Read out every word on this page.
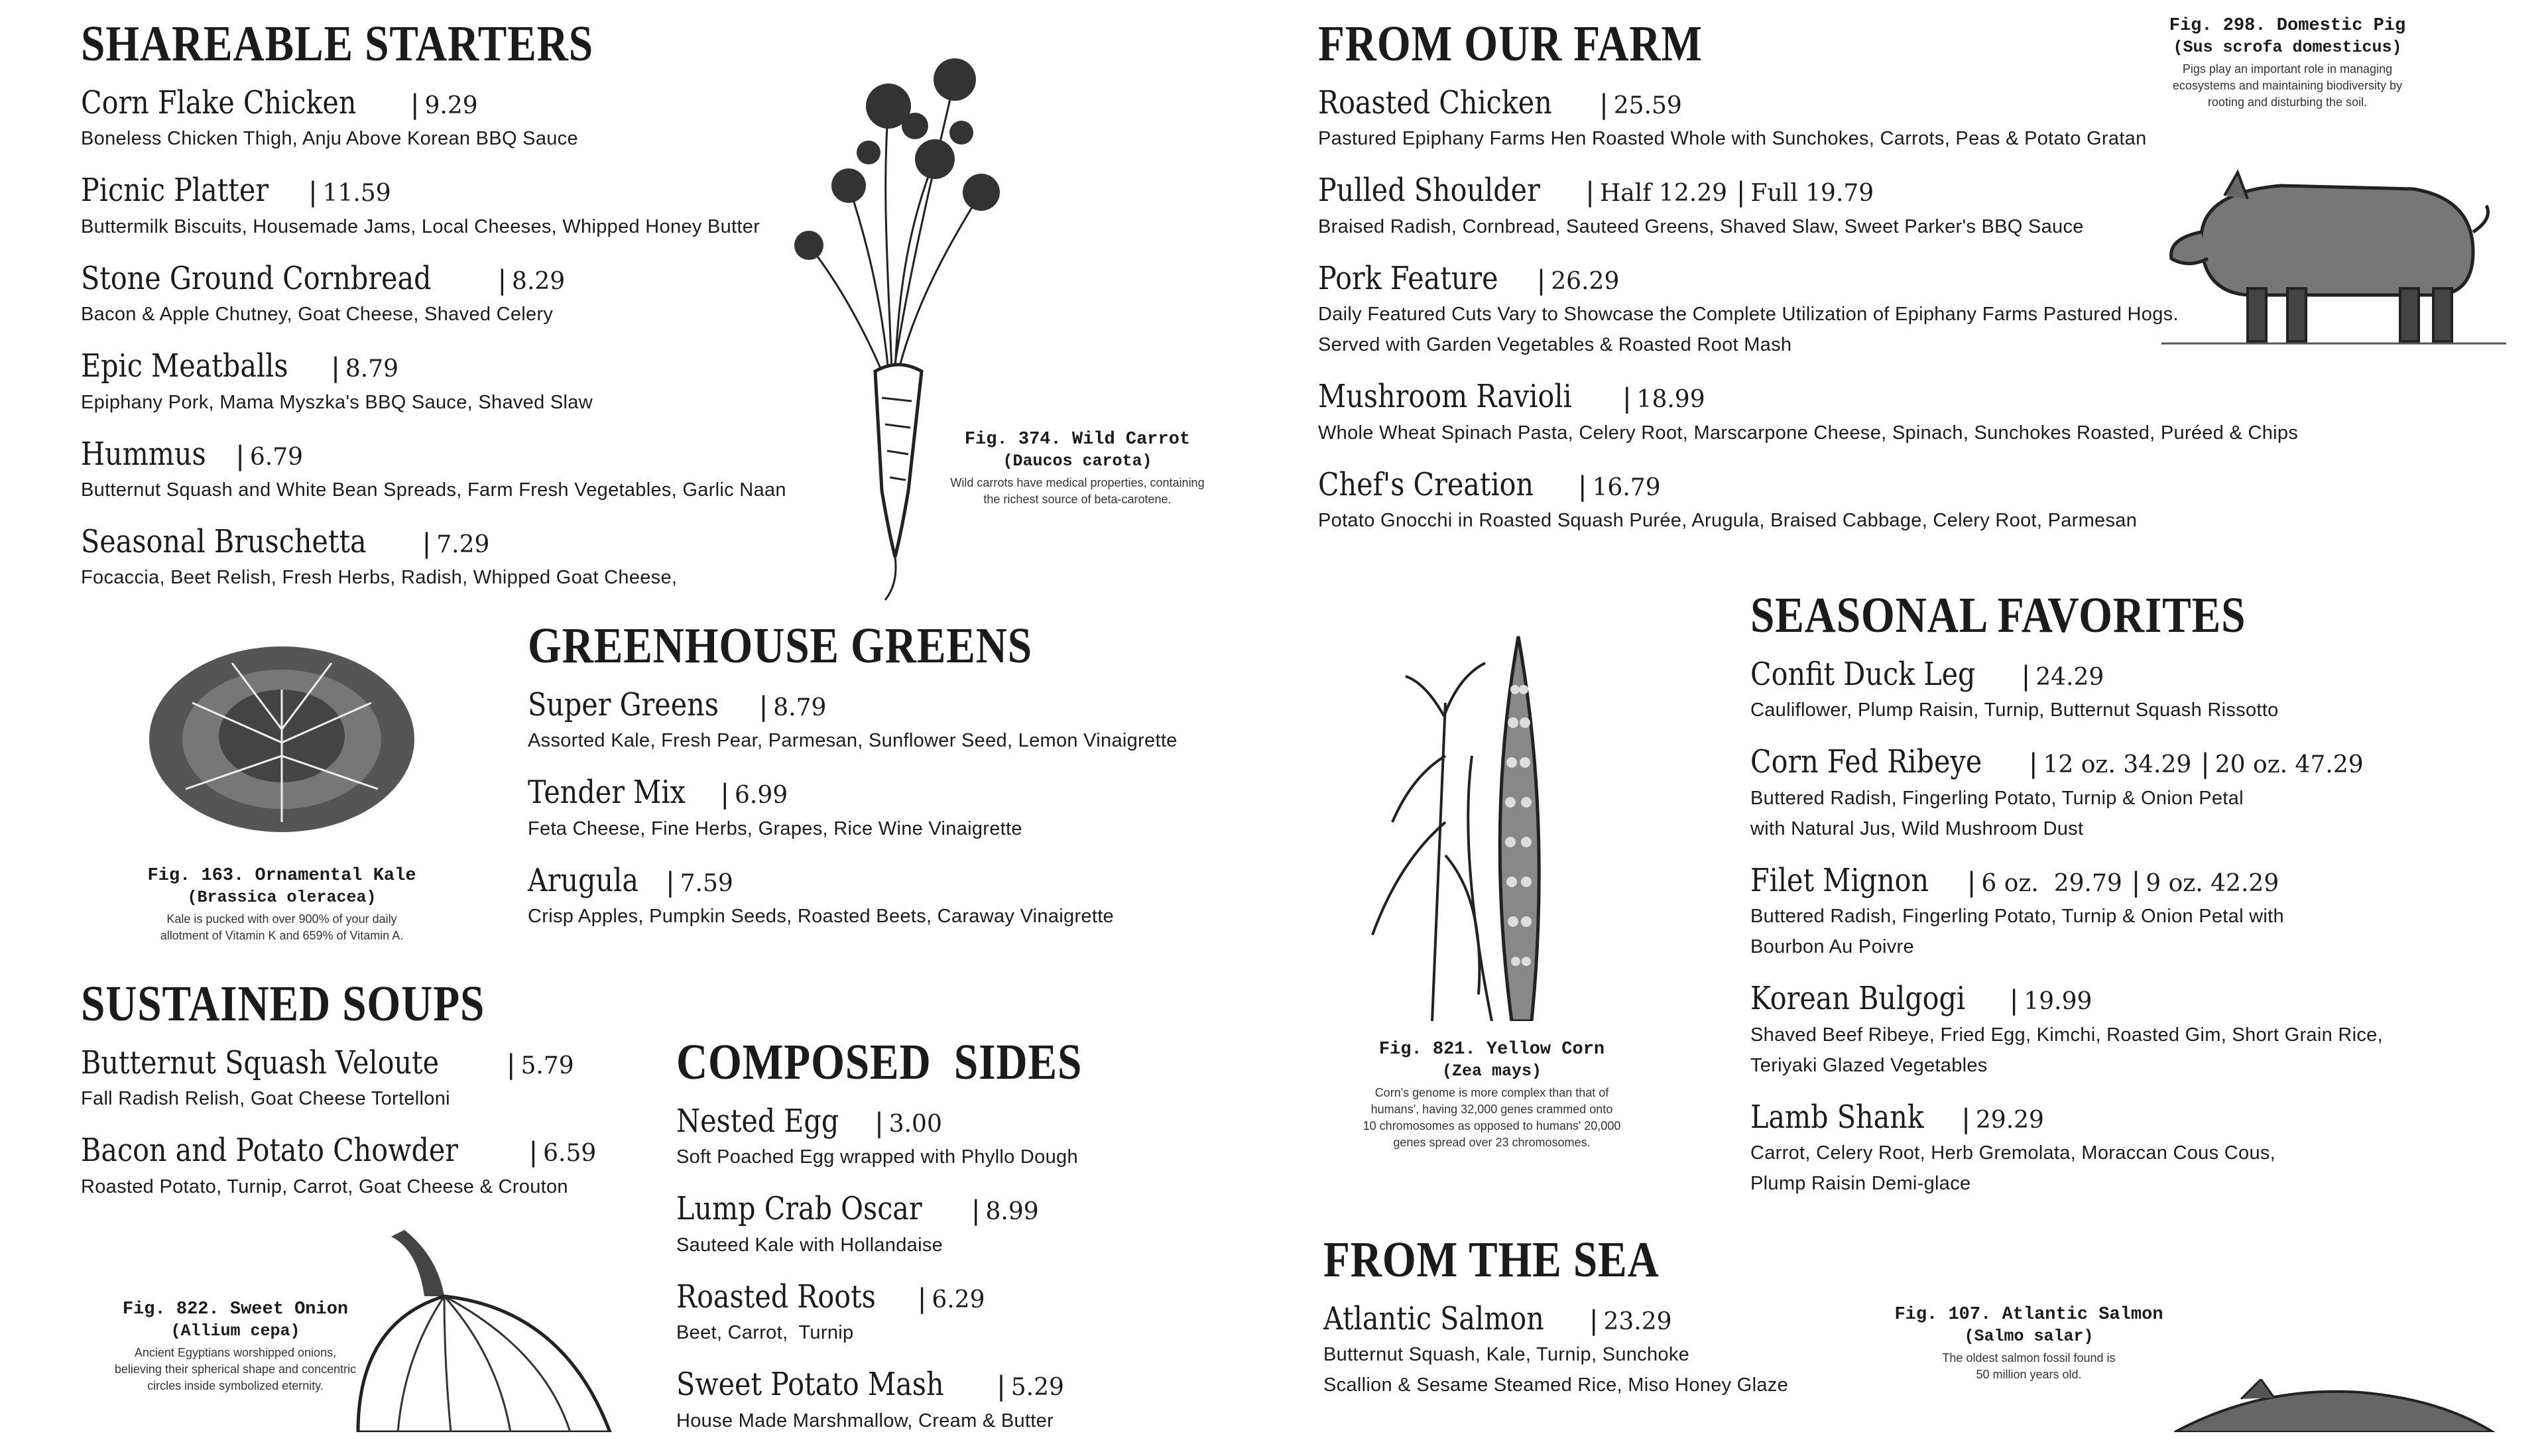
SHAREABLE STARTERS
Corn Flake Chicken | 9.29
Boneless Chicken Thigh, Anju Above Korean BBQ Sauce
Picnic Platter | 11.59
Buttermilk Biscuits, Housemade Jams, Local Cheeses, Whipped Honey Butter
Stone Ground Cornbread	| 8.29
Bacon & Apple Chutney, Goat Cheese, Shaved Celery
Epic Meatballs | 8.79
Epiphany Pork, Mama Myszka's BBQ Sauce, Shaved Slaw
Hummus | 6.79
Butternut Squash and White Bean Spreads, Farm Fresh Vegetables, Garlic Naan
Seasonal Bruschetta | 7.29
Focaccia, Beet Relish, Fresh Herbs, Radish, Whipped Goat Cheese,
Fig. 374. Wild Carrot
(Daucos carota)
Wild carrots have medical properties, containing
the richest source of beta-carotene.
Fig. 163. Ornamental Kale
(Brassica oleracea)
Kale is pucked with over 900% of your daily
allotment of Vitamin K and 659% of Vitamin A.
GREENHOUSE GREENS
Super Greens | 8.79
Assorted Kale, Fresh Pear, Parmesan, Sunflower Seed, Lemon Vinaigrette
Tender Mix | 6.99
Feta Cheese, Fine Herbs, Grapes, Rice Wine Vinaigrette
Arugula | 7.59
Crisp Apples, Pumpkin Seeds, Roasted Beets, Caraway Vinaigrette
SUSTAINED SOUPS
Butternut Squash Veloute	| 5.79
Fall Radish Relish, Goat Cheese Tortelloni
Bacon and Potato Chowder	| 6.59
Roasted Potato, Turnip, Carrot, Goat Cheese & Crouton
Fig. 822. Sweet Onion
(Allium cepa)
Ancient Egyptians worshipped onions,
believing their spherical shape and concentric
circles inside symbolized eternity.
COMPOSED  SIDES
Nested Egg | 3.00
Soft Poached Egg wrapped with Phyllo Dough
Lump Crab Oscar | 8.99
Sauteed Kale with Hollandaise
Roasted Roots | 6.29
Beet, Carrot,  Turnip
Sweet Potato Mash | 5.29
House Made Marshmallow, Cream & Butter
FROM OUR FARM
Roasted Chicken | 25.59
Pastured Epiphany Farms Hen Roasted Whole with Sunchokes, Carrots, Peas & Potato Gratan
Pulled Shoulder | Half 12.29 | Full 19.79
Braised Radish, Cornbread, Sauteed Greens, Shaved Slaw, Sweet Parker's BBQ Sauce
Pork Feature | 26.29
Daily Featured Cuts Vary to Showcase the Complete Utilization of Epiphany Farms Pastured Hogs.
Served with Garden Vegetables & Roasted Root Mash
Mushroom Ravioli | 18.99
Whole Wheat Spinach Pasta, Celery Root, Marscarpone Cheese, Spinach, Sunchokes Roasted, Puréed & Chips
Chef's Creation | 16.79
Potato Gnocchi in Roasted Squash Purée, Arugula, Braised Cabbage, Celery Root, Parmesan
Fig. 298. Domestic Pig
(Sus scrofa domesticus)
Pigs play an important role in managing
ecosystems and maintaining biodiversity by
rooting and disturbing the soil.
Fig. 821. Yellow Corn
(Zea mays)
Corn's genome is more complex than that of
humans', having 32,000 genes crammed onto
10 chromosomes as opposed to humans' 20,000
genes spread over 23 chromosomes.
SEASONAL FAVORITES
Confit Duck Leg | 24.29
Cauliflower, Plump Raisin, Turnip, Butternut Squash Rissotto
Corn Fed Ribeye | 12 oz. 34.29 | 20 oz. 47.29
Buttered Radish, Fingerling Potato, Turnip & Onion Petal
with Natural Jus, Wild Mushroom Dust
Filet Mignon | 6 oz.  29.79 | 9 oz. 42.29
Buttered Radish, Fingerling Potato, Turnip & Onion Petal with
Bourbon Au Poivre
Korean Bulgogi | 19.99
Shaved Beef Ribeye, Fried Egg, Kimchi, Roasted Gim, Short Grain Rice,
Teriyaki Glazed Vegetables
Lamb Shank | 29.29
Carrot, Celery Root, Herb Gremolata, Moraccan Cous Cous,
Plump Raisin Demi-glace
FROM THE SEA
Atlantic Salmon | 23.29
Butternut Squash, Kale, Turnip, Sunchoke
Scallion & Sesame Steamed Rice, Miso Honey Glaze
Fig. 107. Atlantic Salmon
(Salmo salar)
The oldest salmon fossil found is
50 million years old.
